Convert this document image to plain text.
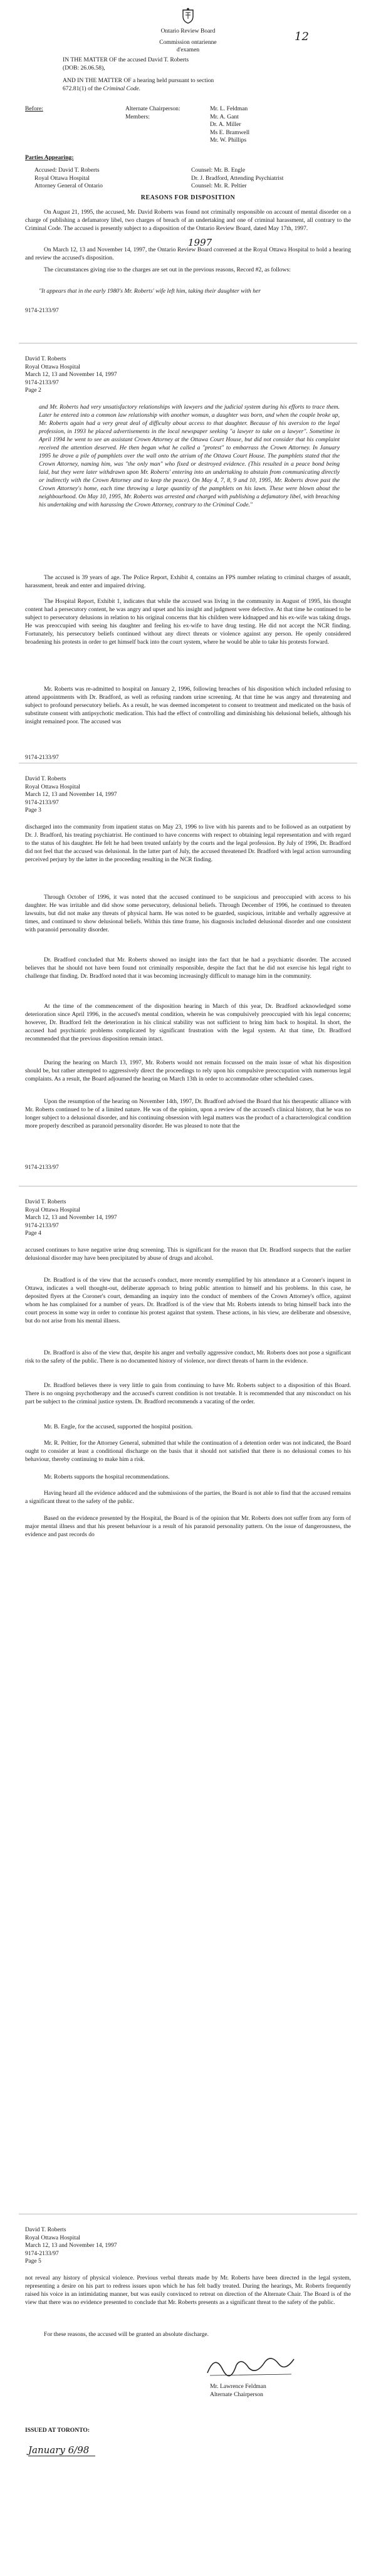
Ontario Review Board
Commission ontarienne
d'examen
12
IN THE MATTER OF the accused David T. Roberts
(DOB: 26.06.58),
AND IN THE MATTER OF a hearing held pursuant to section
672.81(1) of the Criminal Code.
Before:	Alternate Chairperson:
Members:
Mr. L. Feldman
Mr. A. Gant
Dr. A. Miller
Ms E. Bramwell
Mr. W. Phillips
Parties Appearing:
Accused: David T. Roberts
Royal Ottawa Hospital
Attorney General of Ontario
Counsel: Mr. B. Engle
Dr. J. Bradford, Attending Psychiatrist
Counsel: Mr. R. Peltier
REASONS FOR DISPOSITION

On August 21, 1995, the accused, Mr. David Roberts was found not criminally responsible on account of mental disorder on a charge of publishing a defamatory libel, two charges of breach of an undertaking and one of criminal harassment, all contrary to the Criminal Code. The accused is presently subject to a disposition of the Ontario Review Board, dated May 17th, 1997.

1997

On March 12, 13 and November 14, 1997, the Ontario Review Board convened at the Royal Ottawa Hospital to hold a hearing and review the accused's disposition.

The circumstances giving rise to the charges are set out in the previous reasons, Record #2, as follows:

"It appears that in the early 1980's Mr. Roberts' wife left him, taking their daughter with her

9174-2133/97
David T. Roberts
Royal Ottawa Hospital
March 12, 13 and November 14, 1997
9174-2133/97
Page 2

and Mr. Roberts had very unsatisfactory relationships with lawyers and the judicial system during his efforts to trace them. Later he entered into a common law relationship with another woman, a daughter was born, and when the couple broke up, Mr. Roberts again had a very great deal of difficulty about access to that daughter. Because of his aversion to the legal profession, in 1993 he placed advertisements in the local newspaper seeking "a lawyer to take on a lawyer". Sometime in April 1994 he went to see an assistant Crown Attorney at the Ottawa Court House, but did not consider that his complaint received the attention deserved. He then began what he called a "protest" to embarrass the Crown Attorney. In January 1995 he drove a pile of pamphlets over the wall onto the atrium of the Ottawa Court House. The pamphlets stated that the Crown Attorney, naming him, was "the only man" who fixed or destroyed evidence. (This resulted in a peace bond being laid, but they were later withdrawn upon Mr. Roberts' entering into an undertaking to abstain from communicating directly or indirectly with the Crown Attorney and to keep the peace). On May 4, 7, 8, 9 and 10, 1995, Mr. Roberts drove past the Crown Attorney's home, each time throwing a large quantity of the pamphlets on his lawn. These were blown about the neighbourhood. On May 10, 1995, Mr. Roberts was arrested and charged with publishing a defamatory libel, with breaching his undertaking and with harassing the Crown Attorney, contrary to the Criminal Code."

The accused is 39 years of age. The Police Report, Exhibit 4, contains an FPS number relating to criminal charges of assault, harassment, break and enter and impaired driving.

The Hospital Report, Exhibit 1, indicates that while the accused was living in the community in August of 1995, his thought content had a persecutory content, he was angry and upset and his insight and judgment were defective. At that time he continued to be subject to persecutory delusions in relation to his original concerns that his children were kidnapped and his ex-wife was taking drugs. He was preoccupied with seeing his daughter and feeling his ex-wife to have drug testing. He did not accept the NCR finding. Fortunately, his persecutory beliefs continued without any direct threats or violence against any person. He openly considered broadening his protests in order to get himself back into the court system, where he would be able to take his protests forward.

Mr. Roberts was re-admitted to hospital on January 2, 1996, following breaches of his disposition which included refusing to attend appointments with Dr. Bradford, as well as refusing random urine screening. At that time he was angry and threatening and subject to profound persecutory beliefs. As a result, he was deemed incompetent to consent to treatment and medicated on the basis of substitute consent with antipsychotic medication. This had the effect of controlling and diminishing his delusional beliefs, although his insight remained poor. The accused was

9174-2133/97
David T. Roberts
Royal Ottawa Hospital
March 12, 13 and November 14, 1997
9174-2133/97
Page 3

discharged into the community from inpatient status on May 23, 1996 to live with his parents and to be followed as an outpatient by Dr. J. Bradford, his treating psychiatrist. He continued to have concerns with respect to obtaining legal representation and with regard to the status of his daughter. He felt he had been treated unfairly by the courts and the legal profession. By July of 1996, Dr. Bradford did not feel that the accused was delusional. In the latter part of July, the accused threatened Dr. Bradford with legal action surrounding perceived perjury by the latter in the proceeding resulting in the NCR finding.

Through October of 1996, it was noted that the accused continued to be suspicious and preoccupied with access to his daughter. He was irritable and did show some persecutory, delusional beliefs. Through December of 1996, he continued to threaten lawsuits, but did not make any threats of physical harm. He was noted to be guarded, suspicious, irritable and verbally aggressive at times, and continued to show delusional beliefs. Within this time frame, his diagnosis included delusional disorder and one consistent with paranoid personality disorder.

Dr. Bradford concluded that Mr. Roberts showed no insight into the fact that he had a psychiatric disorder. The accused believes that he should not have been found not criminally responsible, despite the fact that he did not exercise his legal right to challenge that finding. Dr. Bradford noted that it was becoming increasingly difficult to manage him in the community.

At the time of the commencement of the disposition hearing in March of this year, Dr. Bradford acknowledged some deterioration since April 1996, in the accused's mental condition, wherein he was compulsively preoccupied with his legal concerns; however, Dr. Bradford felt the deterioration in his clinical stability was not sufficient to bring him back to hospital. In short, the accused had psychiatric problems complicated by significant frustration with the legal system. At that time, Dr. Bradford recommended that the previous disposition remain intact.

During the hearing on March 13, 1997, Mr. Roberts would not remain focussed on the main issue of what his disposition should be, but rather attempted to aggressively direct the proceedings to rely upon his compulsive preoccupation with numerous legal complaints. As a result, the Board adjourned the hearing on March 13th in order to accommodate other scheduled cases.

Upon the resumption of the hearing on November 14th, 1997, Dr. Bradford advised the Board that his therapeutic alliance with Mr. Roberts continued to be of a limited nature. He was of the opinion, upon a review of the accused's clinical history, that he was no longer subject to a delusional disorder, and his continuing obsession with legal matters was the product of a characterological condition more properly described as paranoid personality disorder. He was pleased to note that the

9174-2133/97
David T. Roberts
Royal Ottawa Hospital
March 12, 13 and November 14, 1997
9174-2133/97
Page 4

accused continues to have negative urine drug screening. This is significant for the reason that Dr. Bradford suspects that the earlier delusional disorder may have been precipitated by abuse of drugs and alcohol.

Dr. Bradford is of the view that the accused's conduct, more recently exemplified by his attendance at a Coroner's inquest in Ottawa, indicates a well thought-out, deliberate approach to bring public attention to himself and his problems. In this case, he deposited flyers at the Coroner's court, demanding an inquiry into the conduct of members of the Crown Attorney's office, against whom he has complained for a number of years. Dr. Bradford is of the view that Mr. Roberts intends to bring himself back into the court process in some way in order to continue his protest against that system. These actions, in his view, are deliberate and obsessive, but do not arise from his mental illness.

Dr. Bradford is also of the view that, despite his anger and verbally aggressive conduct, Mr. Roberts does not pose a significant risk to the safety of the public. There is no documented history of violence, nor direct threats of harm in the evidence.

Dr. Bradford believes there is very little to gain from continuing to have Mr. Roberts subject to a disposition of this Board. There is no ongoing psychotherapy and the accused's current condition is not treatable. It is recommended that any misconduct on his part be subject to the criminal justice system. Dr. Bradford recommends a vacating of the order.

Mr. B. Engle, for the accused, supported the hospital position.

Mr. R. Peltier, for the Attorney General, submitted that while the continuation of a detention order was not indicated, the Board ought to consider at least a conditional discharge on the basis that it should not satisfied that there is no delusional comes to his behaviour, thereby continuing to make him a risk.

Mr. Roberts supports the hospital recommendations.

Having heard all the evidence adduced and the submissions of the parties, the Board is not able to find that the accused remains a significant threat to the safety of the public.

Based on the evidence presented by the Hospital, the Board is of the opinion that Mr. Roberts does not suffer from any form of major mental illness and that his present behaviour is a result of his paranoid personality pattern. On the issue of dangerousness, the evidence and past records do

David T. Roberts
Royal Ottawa Hospital
March 12, 13 and November 14, 1997
9174-2133/97
Page 5

not reveal any history of physical violence. Previous verbal threats made by Mr. Roberts have been directed in the legal system, representing a desire on his part to redress issues upon which he has felt badly treated. During the hearings, Mr. Roberts frequently raised his voice in an intimidating manner, but was easily convinced to retreat on direction of the Alternate Chair. The Board is of the view that there was no evidence presented to conclude that Mr. Roberts presents as a significant threat to the safety of the public.

For these reasons, the accused will be granted an absolute discharge.

Mr. Lawrence Feldman
Alternate Chairperson
ISSUED AT TORONTO:
January 6/98
